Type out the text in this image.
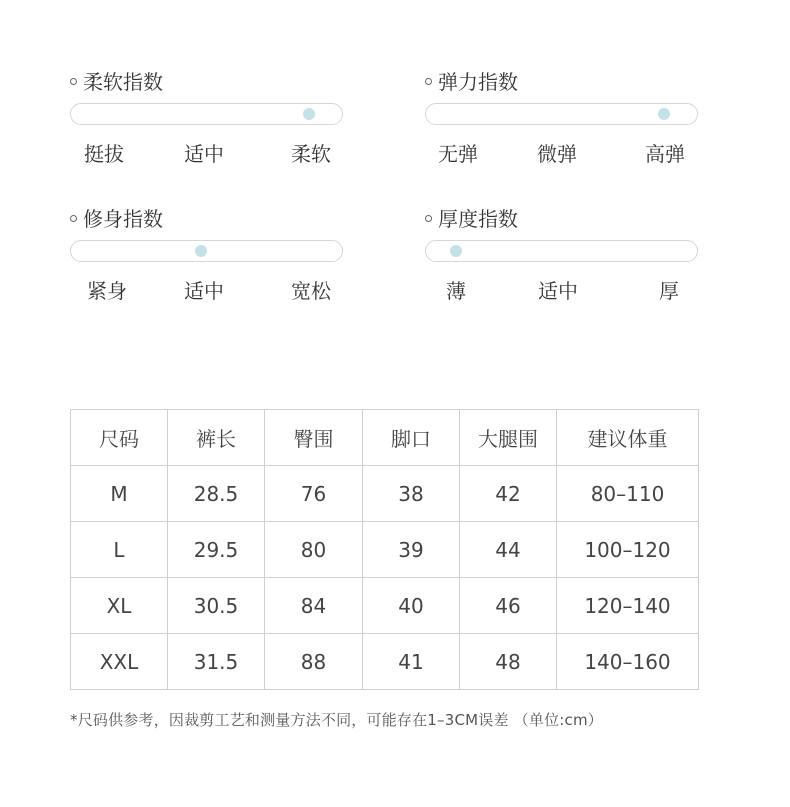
柔软指数
挺拔	适中	柔软
弹力指数
无弹	微弹	高弹
修身指数
紧身	适中	宽松
厚度指数
薄	适中	厚
尺码	裤长	臀围	脚口	大腿围	建议体重
M	28.5	76	38	42	80–110
L	29.5	80	39	44	100–120
XL	30.5	84	40	46	120–140
XXL	31.5	88	41	48	140–160
*尺码供参考，因裁剪工艺和测量方法不同，可能存在1–3CM误差 （单位:cm）
